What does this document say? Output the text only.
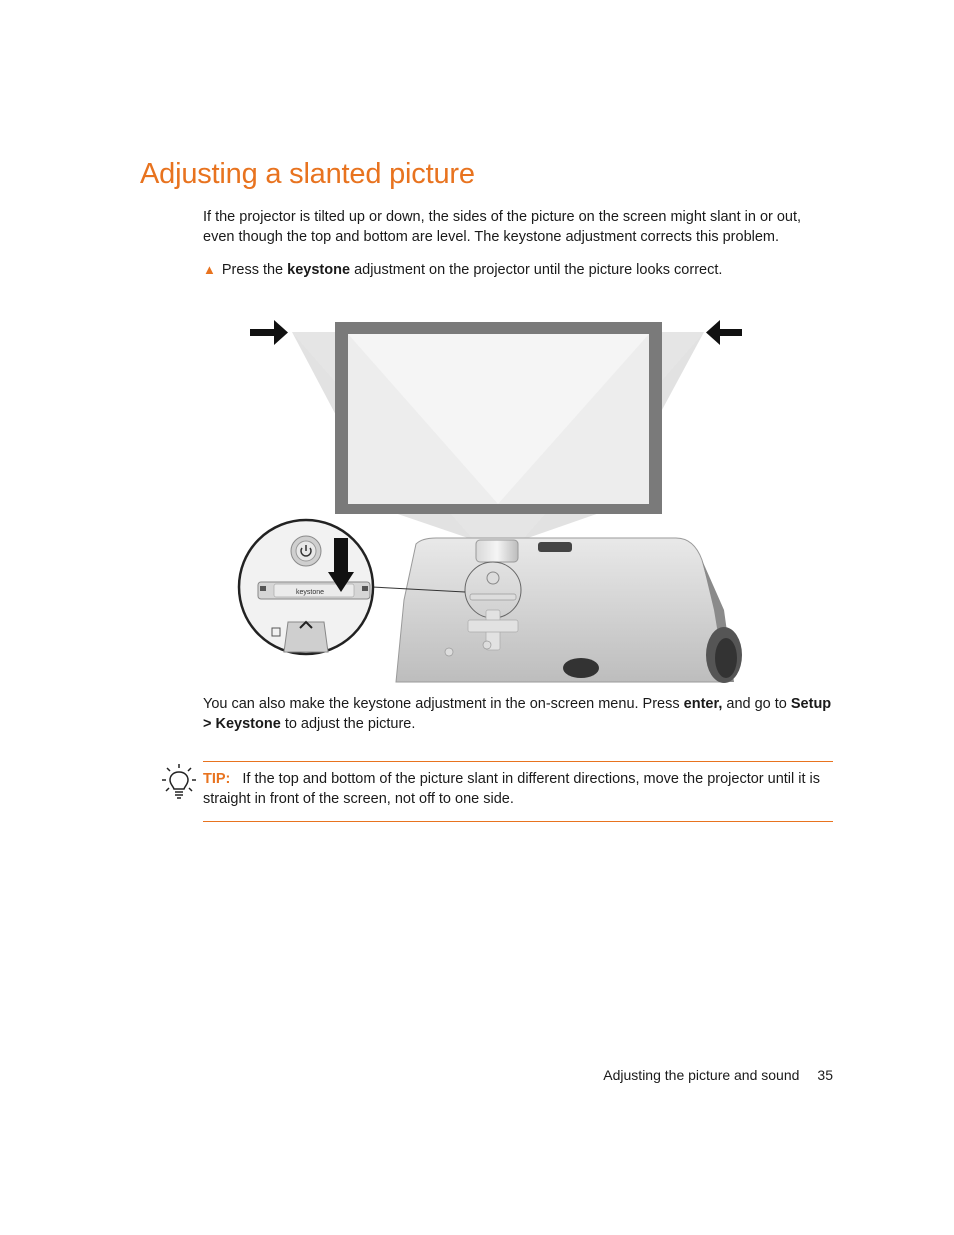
Adjusting a slanted picture

If the projector is tilted up or down, the sides of the picture on the screen might slant in or out, even though the top and bottom are level. The keystone adjustment corrects this problem.

▲ Press the keystone adjustment on the projector until the picture looks correct.

keystone

You can also make the keystone adjustment in the on-screen menu. Press enter, and go to Setup > Keystone to adjust the picture.

TIP: If the top and bottom of the picture slant in different directions, move the projector until it is straight in front of the screen, not off to one side.

Adjusting the picture and sound 35
